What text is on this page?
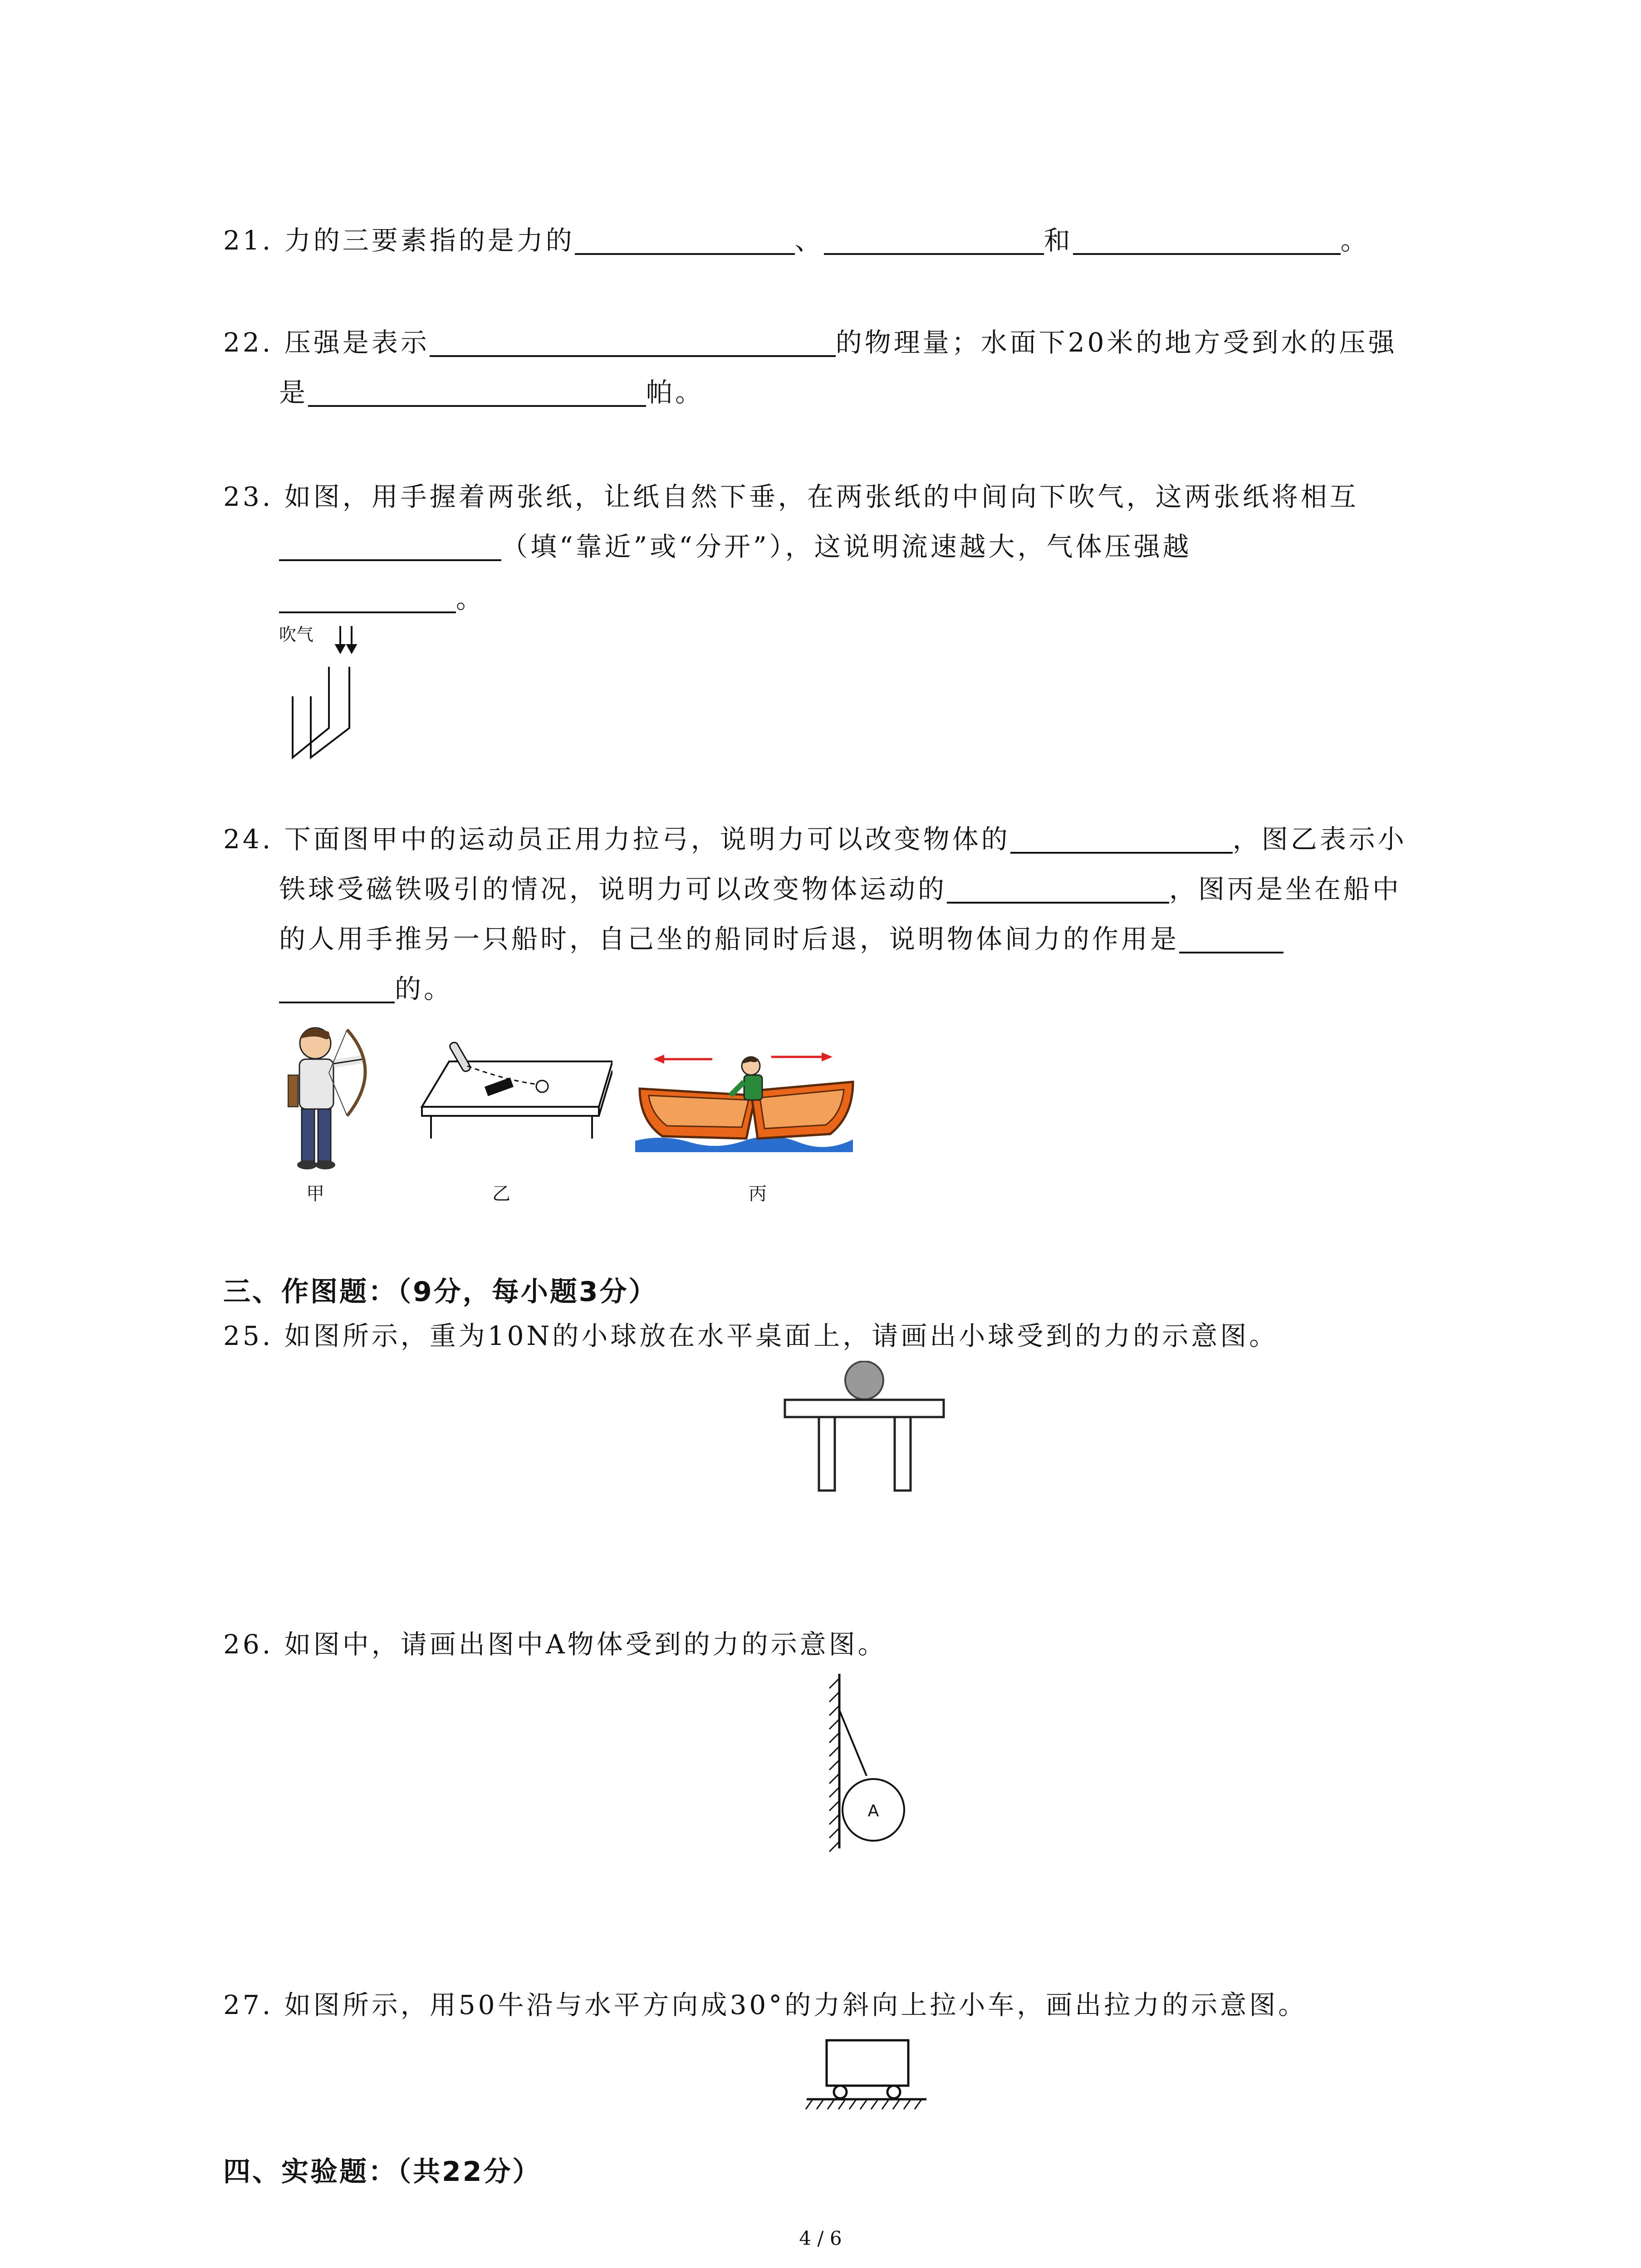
21. 力的三要素指的是力的	、	和	。
22. 压强是表示	的物理量；水面下20米的地方受到水的压强
是	帕。
23. 如图，用手握着两张纸，让纸自然下垂，在两张纸的中间向下吹气，这两张纸将相互
（填“靠近”或“分开”），这说明流速越大，气体压强越
。
吹气
24. 下面图甲中的运动员正用力拉弓，说明力可以改变物体的	，图乙表示小
铁球受磁铁吸引的情况，说明力可以改变物体运动的	，图丙是坐在船中
的人用手推另一只船时，自己坐的船同时后退，说明物体间力的作用是
的。
甲	乙	丙
三、作图题：（9分，每小题3分）
25. 如图所示，重为10N的小球放在水平桌面上，请画出小球受到的力的示意图。
26. 如图中，请画出图中A物体受到的力的示意图。
A
27. 如图所示，用50牛沿与水平方向成30°的力斜向上拉小车，画出拉力的示意图。
四、实验题：（共22分）
4 / 6
